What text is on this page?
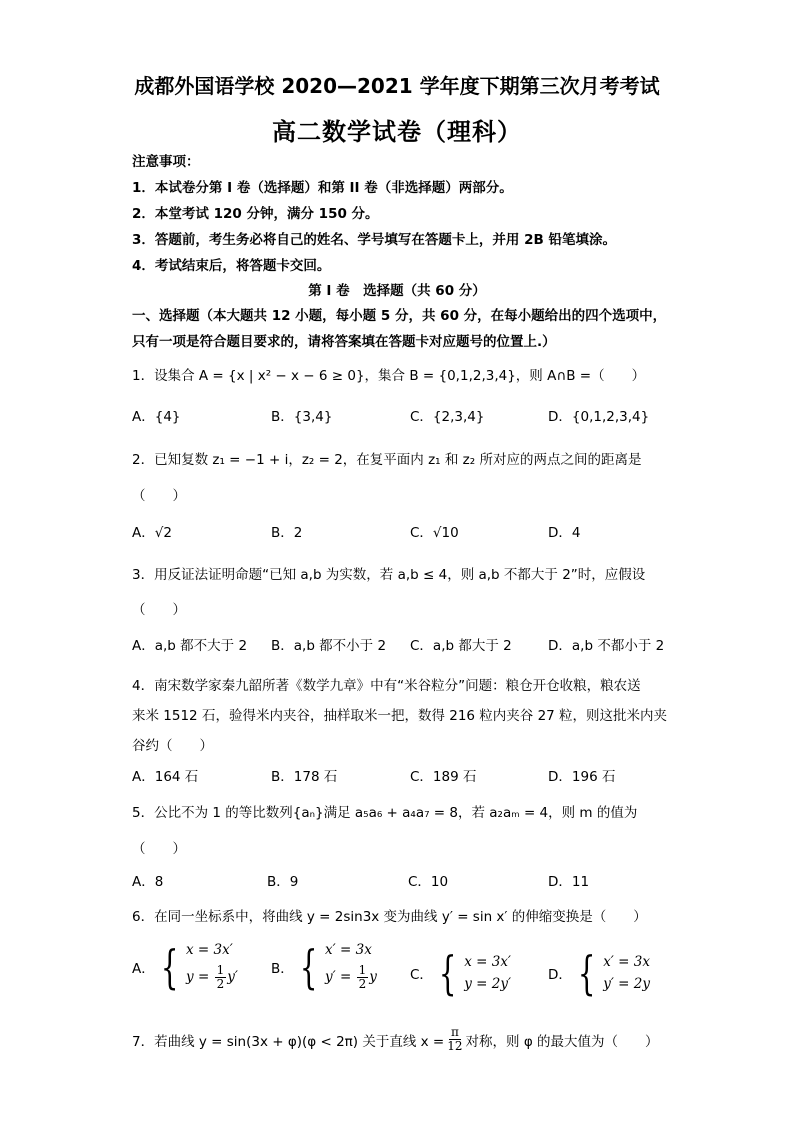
成都外国语学校 2020—2021 学年度下期第三次月考考试
高二数学试卷（理科）
注意事项：
1．本试卷分第 I 卷（选择题）和第 II 卷（非选择题）两部分。
2．本堂考试 120 分钟，满分 150 分。
3．答题前，考生务必将自己的姓名、学号填写在答题卡上，并用 2B 铅笔填涂。
4．考试结束后，将答题卡交回。
第 I 卷　选择题（共 60 分）
一、选择题（本大题共 12 小题，每小题 5 分，共 60 分，在每小题给出的四个选项中，
只有一项是符合题目要求的，请将答案填在答题卡对应题号的位置上.）
1．设集合 A = {x | x² − x − 6 ≥ 0}，集合 B = {0,1,2,3,4}，则 A∩B =（　　）
A．{4}	B．{3,4}	C．{2,3,4}	D．{0,1,2,3,4}
2．已知复数 z₁ = −1 + i，z₂ = 2，在复平面内 z₁ 和 z₂ 所对应的两点之间的距离是
（　　）
A．√2	B．2	C．√10	D．4
3．用反证法证明命题“已知 a,b 为实数，若 a,b ≤ 4，则 a,b 不都大于 2”时，应假设
（　　）
A．a,b 都不大于 2 B．a,b 都不小于 2 C．a,b 都大于 2	D．a,b 不都小于 2
4．南宋数学家秦九韶所著《数学九章》中有“米谷粒分”问题：粮仓开仓收粮，粮农送
来米 1512 石，验得米内夹谷，抽样取米一把，数得 216 粒内夹谷 27 粒，则这批米内夹
谷约（　　）
A．164 石	B．178 石	C．189 石	D．196 石
5．公比不为 1 的等比数列{aₙ}满足 a₅a₆ + a₄a₇ = 8，若 a₂aₘ = 4，则 m 的值为
（　　）
A．8	B．9	C．10	D．11
6．在同一坐标系中，将曲线 y = 2sin3x 变为曲线 y′ = sin x′ 的伸缩变换是（　　）
A． { x = 3x′
$y = \frac{1}{2} y'$
B． { x′ = 3x
$y' = \frac{1}{2}$ y C． { x = 3x′
y = 2y′
D． { x′ = 3x
y′ = 2y
7．若曲线 y = sin(3x + φ)(φ < 2π) 关于直线 $x = \frac{\pi}{12}$ 对称，则 φ 的最大值为（　　）
